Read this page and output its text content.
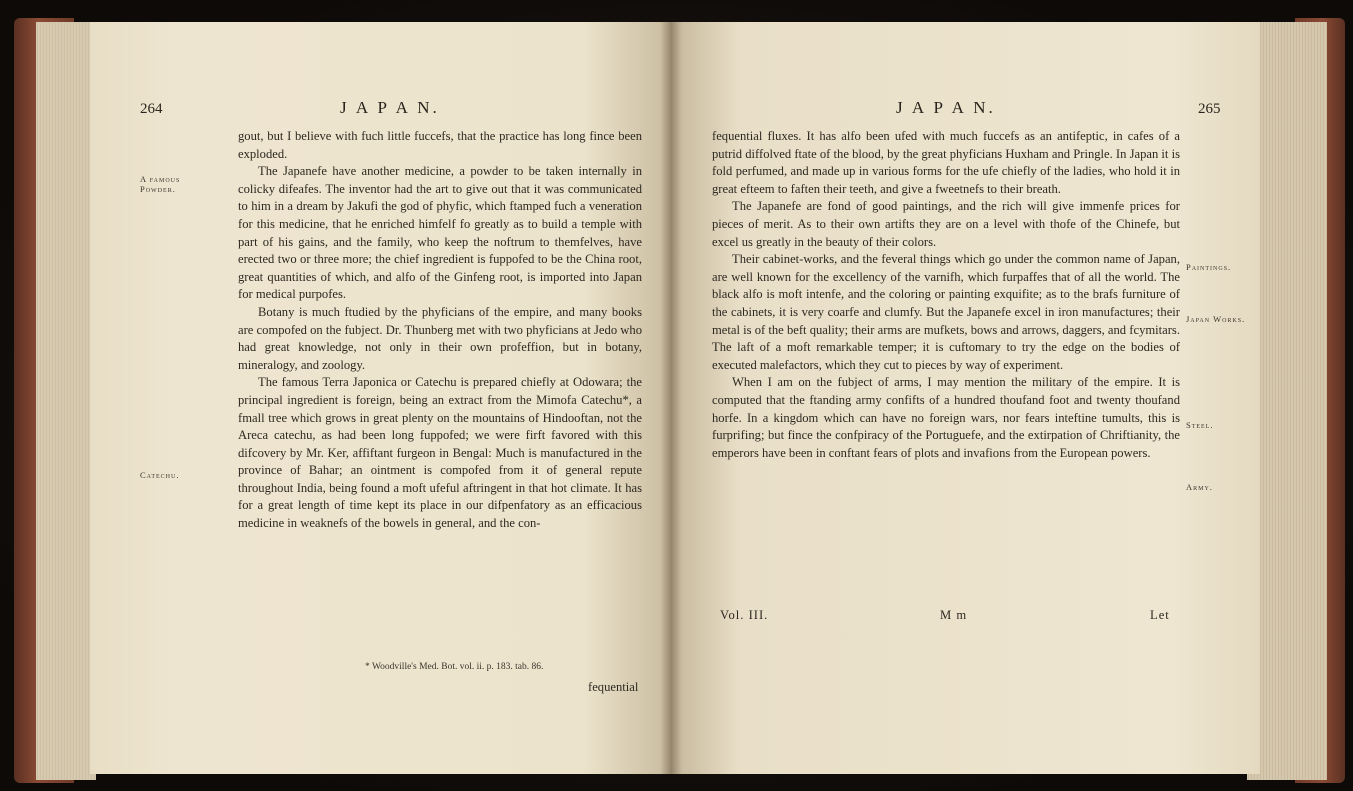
264	J A P A N.
A famous Powder.
Catechu.

gout, but I believe with fuch little fuccefs, that the practice has long fince been exploded.

The Japanefe have another medicine, a powder to be taken internally in colicky difeafes. The inventor had the art to give out that it was communicated to him in a dream by Jakufi the god of phyfic, which ftamped fuch a veneration for this medicine, that he enriched himfelf fo greatly as to build a temple with part of his gains, and the family, who keep the noftrum to themfelves, have erected two or three more; the chief ingredient is fuppofed to be the China root, great quantities of which, and alfo of the Ginfeng root, is imported into Japan for medical purpofes.

Botany is much ftudied by the phyficians of the empire, and many books are compofed on the fubject. Dr. Thunberg met with two phyficians at Jedo who had great knowledge, not only in their own profeffion, but in botany, mineralogy, and zoology.

The famous Terra Japonica or Catechu is prepared chiefly at Odowara; the principal ingredient is foreign, being an extract from the Mimofa Catechu*, a fmall tree which grows in great plenty on the mountains of Hindooftan, not the Areca catechu, as had been long fuppofed; we were firft favored with this difcovery by Mr. Ker, affiftant furgeon in Bengal: Much is manufactured in the province of Bahar; an ointment is compofed from it of general repute throughout India, being found a moft ufeful aftringent in that hot climate. It has for a great length of time kept its place in our difpenfatory as an efficacious medicine in weaknefs of the bowels in general, and the con-

* Woodville's Med. Bot. vol. ii. p. 183. tab. 86.
fequential
J A P A N.	265
Paintings.
Japan Works.
Steel.
Army.

fequential fluxes. It has alfo been ufed with much fuccefs as an antifeptic, in cafes of a putrid diffolved ftate of the blood, by the great phyficians Huxham and Pringle. In Japan it is fold perfumed, and made up in various forms for the ufe chiefly of the ladies, who hold it in great efteem to faften their teeth, and give a fweetnefs to their breath.

The Japanefe are fond of good paintings, and the rich will give immenfe prices for pieces of merit. As to their own artifts they are on a level with thofe of the Chinefe, but excel us greatly in the beauty of their colors.

Their cabinet-works, and the feveral things which go under the common name of Japan, are well known for the excellency of the varnifh, which furpaffes that of all the world. The black alfo is moft intenfe, and the coloring or painting exquifite; as to the brafs furniture of the cabinets, it is very coarfe and clumfy. But the Japanefe excel in iron manufactures; their metal is of the beft quality; their arms are mufkets, bows and arrows, daggers, and fcymitars. The laft of a moft remarkable temper; it is cuftomary to try the edge on the bodies of executed malefactors, which they cut to pieces by way of experiment.

When I am on the fubject of arms, I may mention the military of the empire. It is computed that the ftanding army confifts of a hundred thoufand foot and twenty thoufand horfe. In a kingdom which can have no foreign wars, nor fears inteftine tumults, this is furprifing; but fince the confpiracy of the Portuguefe, and the extirpation of Chriftianity, the emperors have been in conftant fears of plots and invafions from the European powers.

Vol. III.	M m	Let
